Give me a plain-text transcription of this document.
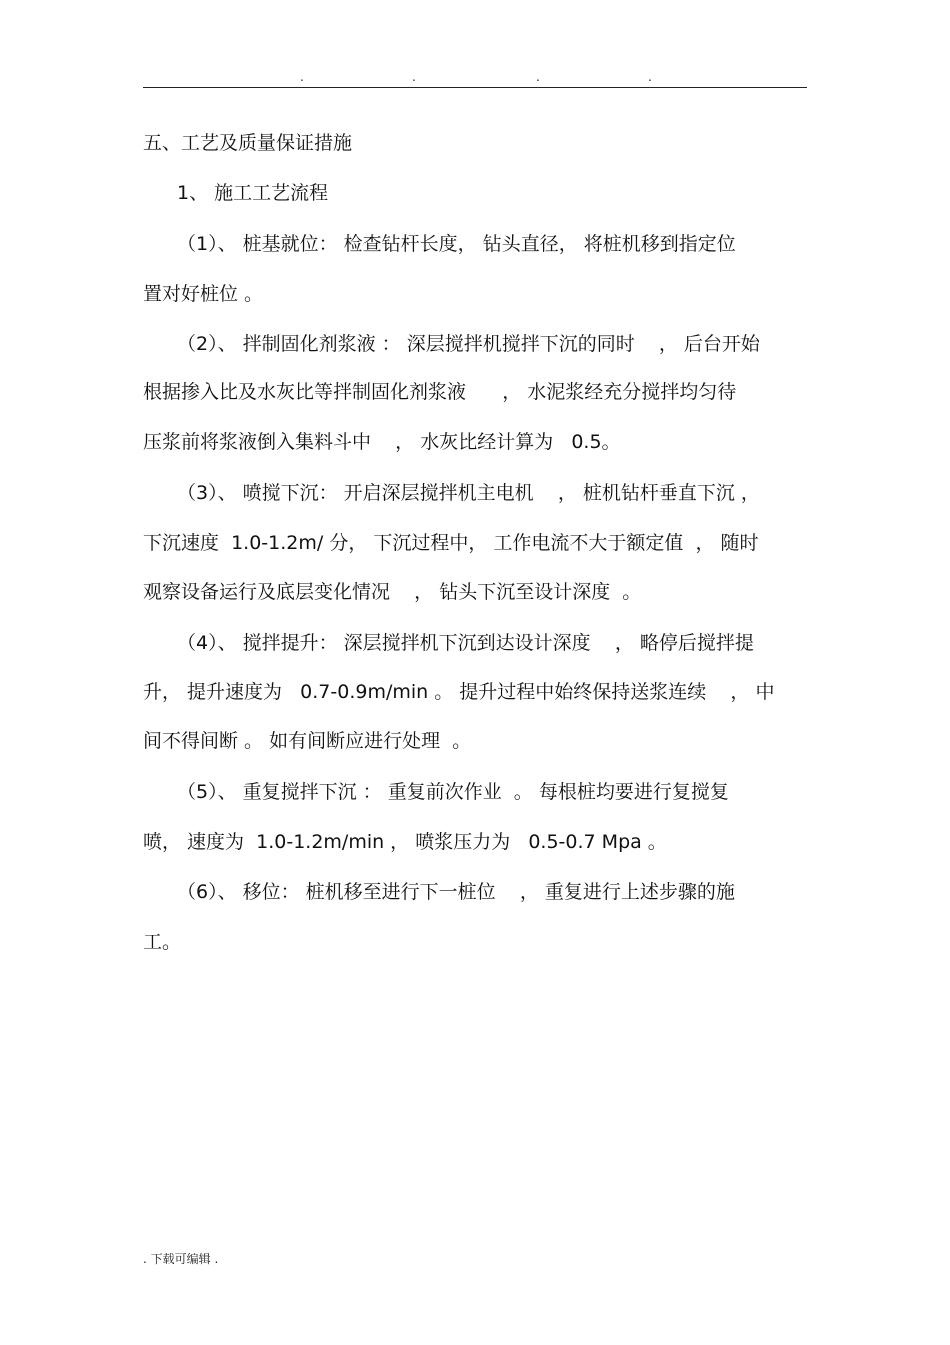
.	.	.	.
五、工艺及质量保证措施
1、 施工工艺流程
（1）、 桩基就位： 检查钻杆长度， 钻头直径， 将桩机移到指定位
置对好桩位 。
（2）、 拌制固化剂浆液 ： 深层搅拌机搅拌下沉的同时    ， 后台开始
根据掺入比及水灰比等拌制固化剂浆液      ， 水泥浆经充分搅拌均匀待
压浆前将浆液倒入集料斗中    ， 水灰比经计算为   0.5。
（3）、 喷搅下沉： 开启深层搅拌机主电机    ， 桩机钻杆垂直下沉 ，
下沉速度  1.0-1.2m/ 分， 下沉过程中， 工作电流不大于额定值  ， 随时
观察设备运行及底层变化情况    ， 钻头下沉至设计深度  。
（4）、 搅拌提升： 深层搅拌机下沉到达设计深度    ， 略停后搅拌提
升， 提升速度为   0.7-0.9m/min 。 提升过程中始终保持送浆连续    ， 中
间不得间断 。 如有间断应进行处理  。
（5）、 重复搅拌下沉 ： 重复前次作业  。 每根桩均要进行复搅复
喷， 速度为  1.0-1.2m/min ， 喷浆压力为   0.5-0.7 Mpa 。
（6）、 移位： 桩机移至进行下一桩位    ， 重复进行上述步骤的施
工。
. 下载可编辑 .
